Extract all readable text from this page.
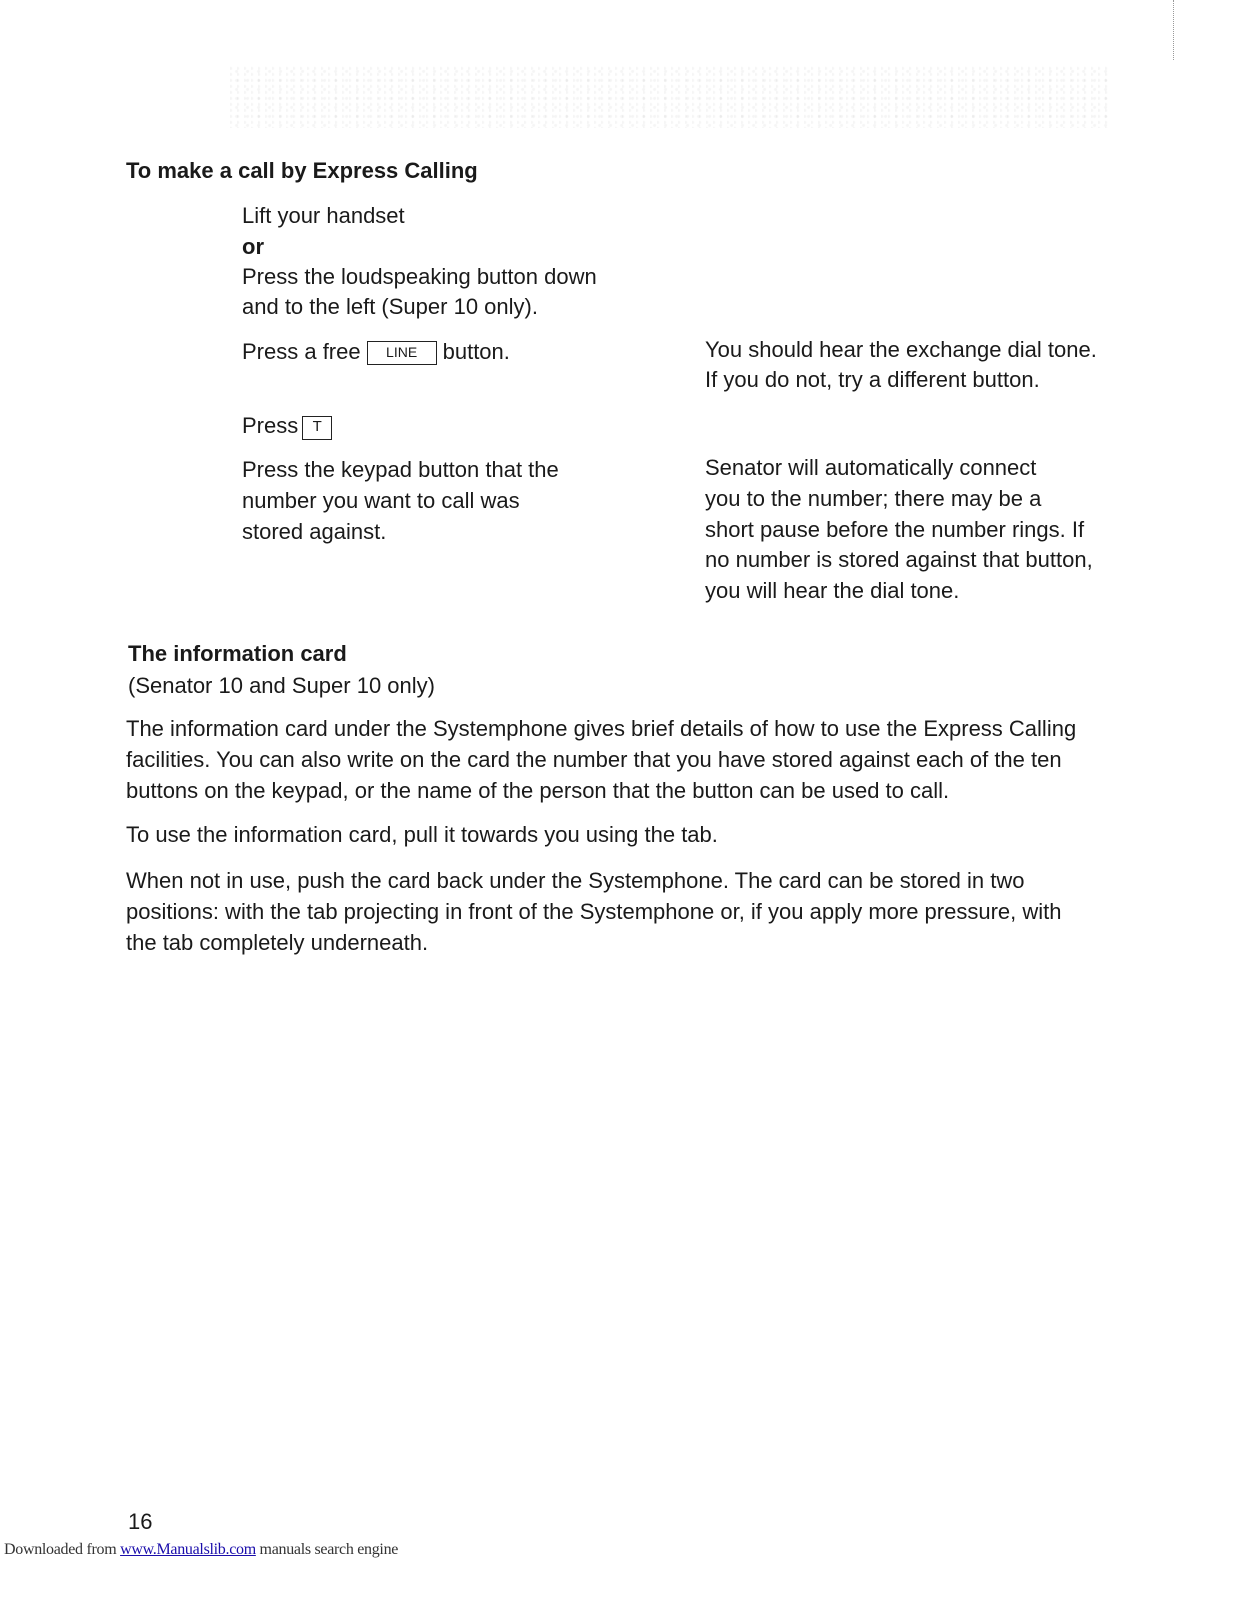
To make a call by Express Calling
Lift your handset
or
Press the loudspeaking button down
and to the left (Super 10 only).
Press a free LINE button.	You should hear the exchange dial tone.
If you do not, try a different button.
Press T
Press the keypad button that the
number you want to call was
stored against.
Senator will automatically connect
you to the number; there may be a
short pause before the number rings. If
no number is stored against that button,
you will hear the dial tone.
The information card
(Senator 10 and Super 10 only)
The information card under the Systemphone gives brief details of how to use the Express Calling
facilities. You can also write on the card the number that you have stored against each of the ten
buttons on the keypad, or the name of the person that the button can be used to call.
To use the information card, pull it towards you using the tab.
When not in use, push the card back under the Systemphone. The card can be stored in two
positions: with the tab projecting in front of the Systemphone or, if you apply more pressure, with
the tab completely underneath.
16
Downloaded from www.Manualslib.com manuals search engine
